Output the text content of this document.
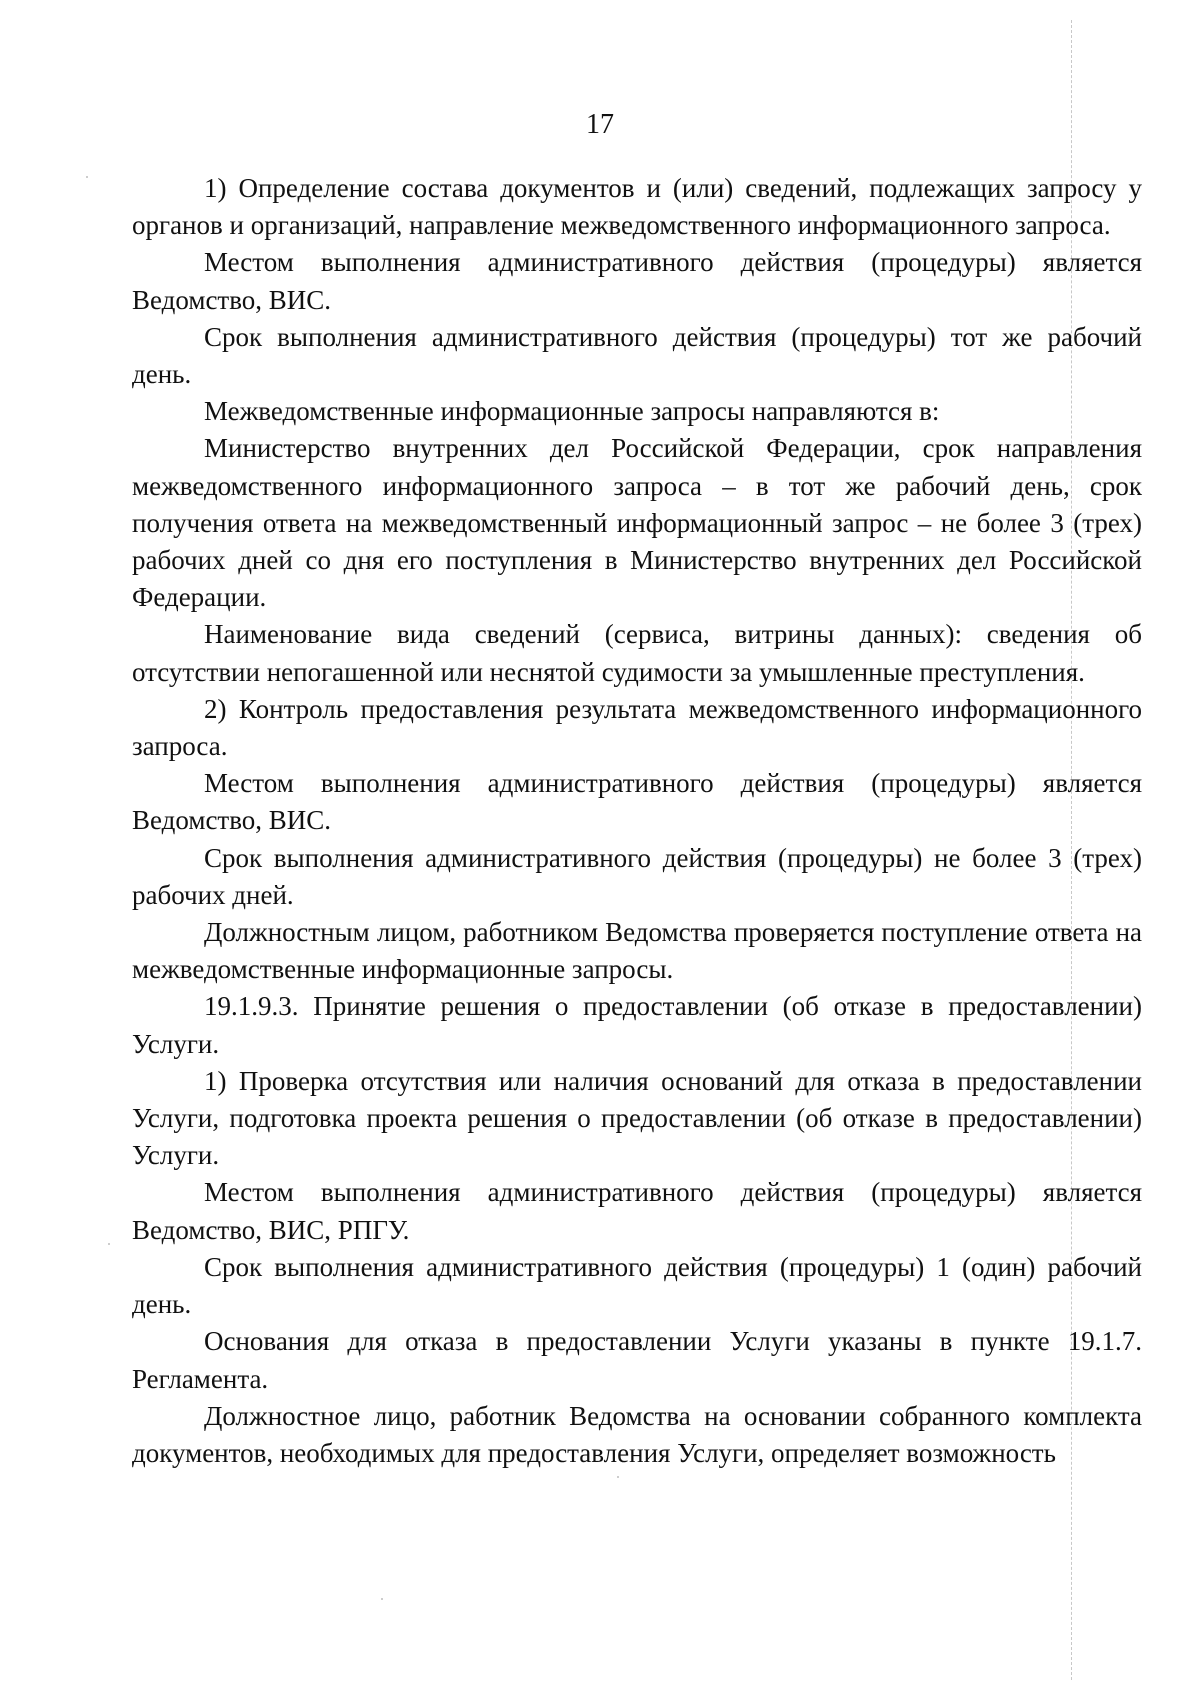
17

1) Определение состава документов и (или) сведений, подлежащих запросу у органов и организаций, направление межведомственного информационного запроса.

Местом выполнения административного действия (процедуры) является Ведомство, ВИС.

Срок выполнения административного действия (процедуры) тот же рабочий день.

Межведомственные информационные запросы направляются в:

Министерство внутренних дел Российской Федерации, срок направления межведомственного информационного запроса – в тот же рабочий день, срок получения ответа на межведомственный информационный запрос – не более 3 (трех) рабочих дней со дня его поступления в Министерство внутренних дел Российской Федерации.

Наименование вида сведений (сервиса, витрины данных): сведения об отсутствии непогашенной или неснятой судимости за умышленные преступления.

2) Контроль предоставления результата межведомственного информационного запроса.

Местом выполнения административного действия (процедуры) является Ведомство, ВИС.

Срок выполнения административного действия (процедуры) не более 3 (трех) рабочих дней.

Должностным лицом, работником Ведомства проверяется поступление ответа на межведомственные информационные запросы.

19.1.9.3. Принятие решения о предоставлении (об отказе в предоставлении) Услуги.

1) Проверка отсутствия или наличия оснований для отказа в предоставлении Услуги, подготовка проекта решения о предоставлении (об отказе в предоставлении) Услуги.

Местом выполнения административного действия (процедуры) является Ведомство, ВИС, РПГУ.

Срок выполнения административного действия (процедуры) 1 (один) рабочий день.

Основания для отказа в предоставлении Услуги указаны в пункте 19.1.7. Регламента.

Должностное лицо, работник Ведомства на основании собранного комплекта документов, необходимых для предоставления Услуги, определяет возможность
